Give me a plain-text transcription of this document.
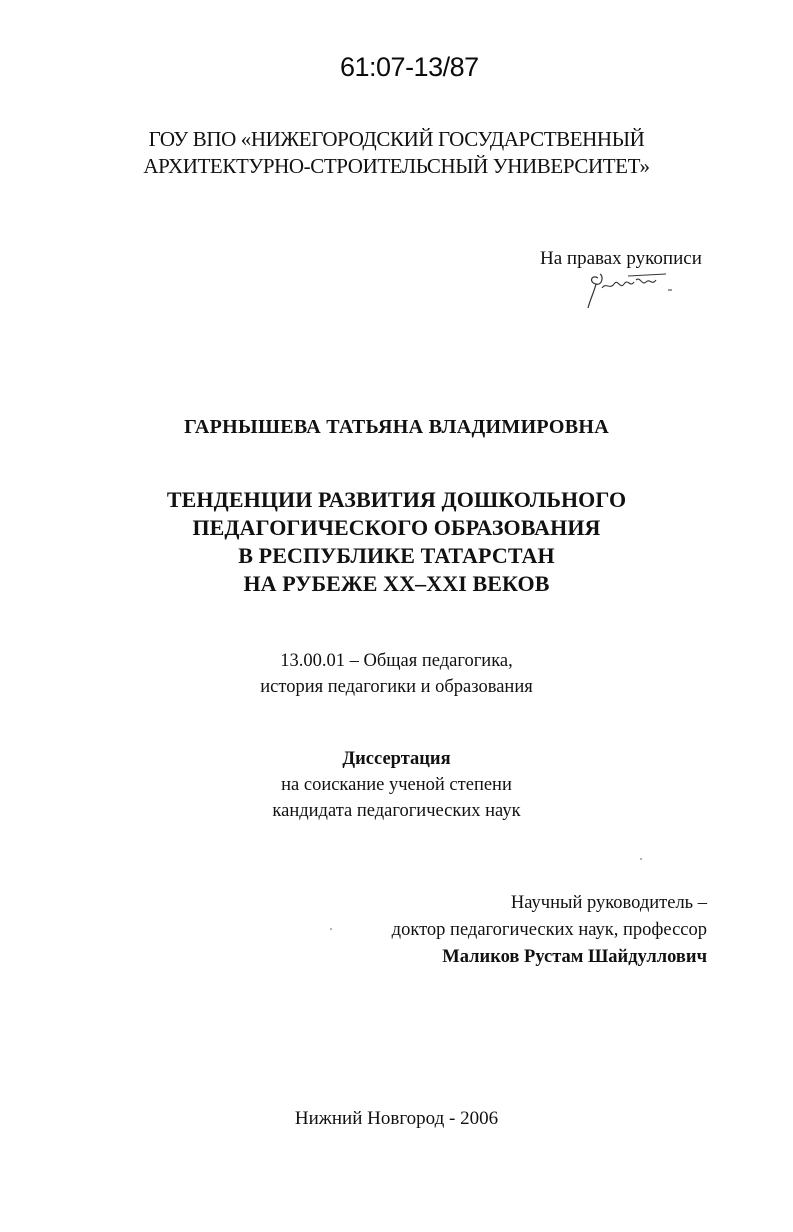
61:07-13/87
ГОУ ВПО «НИЖЕГОРОДСКИЙ ГОСУДАРСТВЕННЫЙ
АРХИТЕКТУРНО-СТРОИТЕЛЬСНЫЙ УНИВЕРСИТЕТ»
На правах рукописи
ГАРНЫШЕВА ТАТЬЯНА ВЛАДИМИРОВНА
ТЕНДЕНЦИИ РАЗВИТИЯ ДОШКОЛЬНОГО
ПЕДАГОГИЧЕСКОГО ОБРАЗОВАНИЯ
В РЕСПУБЛИКЕ ТАТАРСТАН
НА РУБЕЖЕ XX–XXI ВЕКОВ
13.00.01 – Общая педагогика,
история педагогики и образования
Диссертация
на соискание ученой степени
кандидата педагогических наук
Научный руководитель –
доктор педагогических наук, профессор
Маликов Рустам Шайдуллович
Нижний Новгород - 2006
